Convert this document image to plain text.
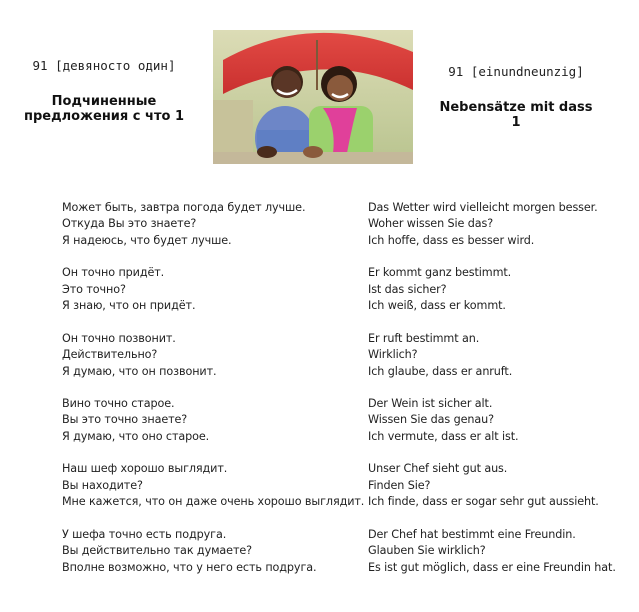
91 [девяносто один]
Подчиненные предложения с что 1
91 [einundneunzig]
Nebensätze mit dass 1
Может быть, завтра погода будет лучше.
Откуда Вы это знаете?
Я надеюсь, что будет лучше.
Он точно придёт.
Это точно?
Я знаю, что он придёт.
Он точно позвонит.
Действительно?
Я думаю, что он позвонит.
Вино точно старое.
Вы это точно знаете?
Я думаю, что оно старое.
Наш шеф хорошо выглядит.
Вы находите?
Мне кажется, что он даже очень хорошо выглядит.
У шефа точно есть подруга.
Вы действительно так думаете?
Вполне возможно, что у него есть подруга.
Das Wetter wird vielleicht morgen besser.
Woher wissen Sie das?
Ich hoffe, dass es besser wird.
Er kommt ganz bestimmt.
Ist das sicher?
Ich weiß, dass er kommt.
Er ruft bestimmt an.
Wirklich?
Ich glaube, dass er anruft.
Der Wein ist sicher alt.
Wissen Sie das genau?
Ich vermute, dass er alt ist.
Unser Chef sieht gut aus.
Finden Sie?
Ich finde, dass er sogar sehr gut aussieht.
Der Chef hat bestimmt eine Freundin.
Glauben Sie wirklich?
Es ist gut möglich, dass er eine Freundin hat.
